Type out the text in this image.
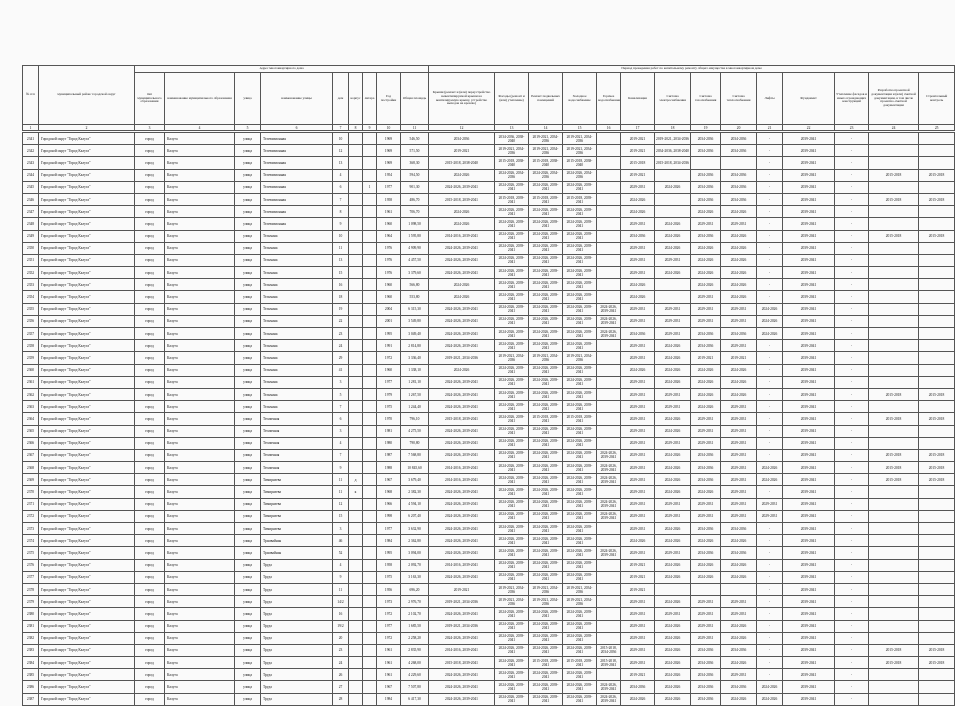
№ п/п	муниципальный район/ городской округ	Адрес многоквартирного дома									Период проведения работ по капитальному ремонту общего имущества в многоквартирном доме													
		тип муниципального образования	наименование муниципального образования	улица	наименование улицы	дом	корпус	литера	Год постройки	Общая площадь	Крыши (ремонт и (или) переустройство невентилируемой крыши на вентилируемую крышу, устройство выходов на кровлю)	Фасады (ремонт и (или) утепление)	Ремонт подвальных помещений	Холодное водоснабжение	Горячее водоснабжение	Канализация	Система электроснабжения	Система газоснабжения	Система теплоснабжения	Лифты	Фундамент	Утепление фасадов и иных ограждающих конструкций	Разработка проектной документации и (или) сметной документации, в том числе проектно-сметной документации	Строительный контроль
1	2	3	4	5	6	7	8	9	10	11	12	13	14	15	16	17	18	19	20	21	22	23	24	25
2341	Городской округ "Город Калуга"	город	Калуга	улица	Телевизионная	10			1969	546,50	2034-2036	2034-2036, 2038-2040	2019-2021, 2034-2036	2019-2021, 2034-2036		2019-2021	2019-2021, 2034-2036	2034-2036	2034-2036	-	2039-2041	-		
2342	Городской округ "Город Калуга"	город	Калуга	улица	Телевизионная	12			1969	571,50	2019-2021	2019-2021, 2034-2036	2019-2021, 2034-2036	2019-2021, 2034-2036		2019-2021	2034-2036, 2038-2040	2034-2036	2034-2036	-	2039-2041	-		
2343	Городской округ "Город Калуга"	город	Калуга	улица	Телевизионная	13			1969	368,30	2015-2018, 2038-2040	2015-2018, 2038-2040	2015-2018, 2038-2040	2015-2018, 2038-2040		2015-2018	2015-2018, 2034-2036			-	2039-2041	-		
2344	Городской округ "Город Калуга"	город	Калуга	улица	Телевизионная	4			1954	594,50	2024-2026	2024-2026, 2034-2036	2024-2026, 2034-2036	2024-2026, 2034-2036		2019-2021		2034-2036	2034-2036	-	2039-2041	-	2015-2018	2015-2018
2345	Городской округ "Город Калуга"	город	Калуга	улица	Телевизионная	6		1	1977	901,30	2024-2026, 2039-2041	2024-2026, 2039-2041	2024-2026, 2039-2041	2024-2026, 2039-2041		2029-2031	2024-2026	2034-2036	2034-2036	-	2039-2041	-		
2346	Городской округ "Город Калуга"	город	Калуга	улица	Телевизионная	7			1958	486,70	2015-2018, 2039-2041	2015-2018, 2039-2041	2015-2018, 2039-2041	2015-2018, 2039-2041		2024-2026		2034-2036	2034-2036	-	2039-2041	-	2015-2018	2015-2018
2347	Городской округ "Город Калуга"	город	Калуга	улица	Телевизионная	8			1961	706,70	2024-2026	2024-2026, 2039-2041	2024-2026, 2039-2041	2024-2026, 2039-2041		2024-2026		2024-2026	2024-2026	-	2039-2041	-		
2348	Городской округ "Город Калуга"	город	Калуга	улица	Телевизионная	9			1960	1 098,50	2024-2026	2024-2026, 2039-2041	2024-2026, 2039-2041	2024-2026, 2039-2041		2029-2031	2024-2026	2029-2031	2029-2031	-	2039-2041	-		
2349	Городской округ "Город Калуга"	город	Калуга	улица	Тельмана	10			1964	1 595,80	2014-2016, 2039-2041	2024-2026, 2039-2041	2024-2026, 2039-2041	2024-2026, 2039-2041		2034-2036	2024-2026	2034-2036	2024-2026	-	2039-2041	-	2015-2018	2015-2018
2350	Городской округ "Город Калуга"	город	Калуга	улица	Тельмана	11			1976	4 909,90	2024-2026, 2039-2041	2024-2026, 2039-2041	2024-2026, 2039-2041	2024-2026, 2039-2041		2029-2031	2024-2026	2024-2026	2024-2026	-	2039-2041	-		
2351	Городской округ "Город Калуга"	город	Калуга	улица	Тельмана	13			1976	4 457,50	2024-2026, 2039-2041	2024-2026, 2039-2041	2024-2026, 2039-2041	2024-2026, 2039-2041		2029-2031	2029-2031	2024-2026	2024-2026	-	2039-2041	-		
2352	Городской округ "Город Калуга"	город	Калуга	улица	Тельмана	15			1976	3 379,60	2024-2026, 2039-2041	2024-2026, 2039-2041	2024-2026, 2039-2041	2024-2026, 2039-2041		2029-2031	2024-2026	2024-2026	2024-2026	-	2039-2041	-		
2353	Городской округ "Город Калуга"	город	Калуга	улица	Тельмана	16			1960	566,80	2024-2026	2024-2026, 2039-2041	2024-2026, 2039-2041	2024-2026, 2039-2041		2024-2026		2024-2026	2024-2026	-	2039-2041	-		
2354	Городской округ "Город Калуга"	город	Калуга	улица	Тельмана	18			1960	553,80	2024-2026	2024-2026, 2039-2041	2024-2026, 2039-2041	2024-2026, 2039-2041		2024-2026		2029-2031	2024-2026	-	2039-2041	-		
2355	Городской округ "Город Калуга"	город	Калуга	улица	Тельмана	19			2004	6 315,30	2024-2026, 2039-2041	2024-2026, 2039-2041	2024-2026, 2039-2041	2024-2026, 2039-2041	2024-2026, 2039-2041	2029-2031	2029-2031	2029-2031	2029-2031	2024-2026	2039-2041	-		
2356	Городской округ "Город Калуга"	город	Калуга	улица	Тельмана	22			2001	3 549,80	2024-2026, 2039-2041	2024-2026, 2039-2041	2024-2026, 2039-2041	2024-2026, 2039-2041	2024-2026, 2039-2041	2029-2031	2029-2031	2029-2031	2029-2031	2024-2026	2039-2041	-		
2357	Городской округ "Город Калуга"	город	Калуга	улица	Тельмана	23			1995	3 049,40	2024-2026, 2039-2041	2024-2026, 2039-2041	2024-2026, 2039-2041	2024-2026, 2039-2041	2024-2026, 2039-2041	2034-2036	2029-2031	2034-2036	2034-2036	2024-2026	2039-2041	-		
2358	Городской округ "Город Калуга"	город	Калуга	улица	Тельмана	24			1991	2 814,80	2024-2026, 2039-2041	2024-2026, 2039-2041	2024-2026, 2039-2041	2024-2026, 2039-2041		2029-2031	2024-2026	2034-2036	2029-2031	-	2039-2041	-		
2359	Городской округ "Город Калуга"	город	Калуга	улица	Тельмана	29			1972	3 336,40	2019-2021, 2034-2036	2019-2021, 2034-2036	2019-2021, 2034-2036	2019-2021, 2034-2036		2029-2031	2024-2026	2019-2021	2019-2021	-	2039-2041	-		
2360	Городской округ "Город Калуга"	город	Калуга	улица	Тельмана	41			1960	1 338,10	2024-2026	2024-2026, 2039-2041	2024-2026, 2039-2041	2024-2026, 2039-2041		2024-2026	2024-2026	2024-2026	2024-2026	-	2039-2041	-		
2361	Городской округ "Город Калуга"	город	Калуга	улица	Тельмана	3			1977	1 281,10	2024-2026, 2039-2041	2024-2026, 2039-2041	2024-2026, 2039-2041	2024-2026, 2039-2041		2029-2031	2024-2026	2024-2026	2024-2026	-	2039-2041	-		
2362	Городской округ "Город Калуга"	город	Калуга	улица	Тельмана	5			1979	1 267,50	2024-2026, 2039-2041	2024-2026, 2039-2041	2024-2026, 2039-2041	2024-2026, 2039-2041		2029-2031	2029-2031	2024-2026	2024-2026	-	2039-2041	-	2015-2018	2015-2018
2363	Городской округ "Город Калуга"	город	Калуга	улица	Тельмана	7			1975	1 244,40	2024-2026, 2039-2041	2024-2026, 2039-2041	2024-2026, 2039-2041	2024-2026, 2039-2041		2029-2031	2029-2031	2024-2026	2029-2031	-	2039-2041	-		
2364	Городской округ "Город Калуга"	город	Калуга	улица	Тепличная	6			1970	796,10	2015-2018, 2039-2041	2024-2026, 2039-2041	2015-2018, 2039-2041	2015-2018, 2039-2041		2029-2031	2024-2026	2029-2031	2029-2031	-	2039-2041	-	2015-2018	2015-2018
2365	Городской округ "Город Калуга"	город	Калуга	улица	Тепличная	3			1981	4 275,50	2024-2026, 2039-2041	2024-2026, 2039-2041	2024-2026, 2039-2041	2024-2026, 2039-2041		2029-2031	2024-2026	2029-2031	2029-2031	-	2039-2041	-		
2366	Городской округ "Город Калуга"	город	Калуга	улица	Тепличная	4			1980	790,80	2024-2026, 2039-2041	2024-2026, 2039-2041	2024-2026, 2039-2041	2024-2026, 2039-2041		2029-2031	2029-2031	2029-2031	2029-2031	-	2039-2041	-		
2367	Городской округ "Город Калуга"	город	Калуга	улица	Тепличная	7			1987	7 568,80	2024-2026, 2039-2041	2024-2026, 2039-2041	2024-2026, 2039-2041	2024-2026, 2039-2041	2024-2026, 2039-2041	2029-2031	2024-2026	2034-2036	2029-2031	-	2039-2041	-	2015-2018	2015-2018
2368	Городской округ "Город Калуга"	город	Калуга	улица	Тепличная	9			1988	10 845,60	2014-2016, 2039-2041	2024-2026, 2039-2041	2024-2026, 2039-2041	2024-2026, 2039-2041	2024-2026, 2039-2041	2029-2031	2024-2026	2034-2036	2029-2031	2024-2026	2039-2041	-	2015-2018	2015-2018
2369	Городской округ "Город Калуга"	город	Калуга	улица	Тимирязева	11	д		1967	3 679,40	2014-2016, 2039-2041	2024-2026, 2039-2041	2024-2026, 2039-2041	2024-2026, 2039-2041	2024-2026, 2039-2041	2029-2031	2024-2026	2034-2036	2029-2031	2024-2026	2039-2041	-	2015-2018	2015-2018
2370	Городской округ "Город Калуга"	город	Калуга	улица	Тимирязева	11	к		1968	2 382,30	2024-2026, 2039-2041	2024-2026, 2039-2041	2024-2026, 2039-2041	2024-2026, 2039-2041		2029-2031	2024-2026	2024-2026	2029-2031	-	2039-2041	-		
2371	Городской округ "Город Калуга"	город	Калуга	улица	Тимирязева	12			1966	4 594,10	2024-2026, 2039-2041	2024-2026, 2039-2041	2024-2026, 2039-2041	2024-2026, 2039-2041	2024-2026, 2039-2041	2029-2031	2029-2031	2029-2031	2029-2031	2029-2031	2039-2041	-		
2372	Городской округ "Город Калуга"	город	Калуга	улица	Тимирязева	15			1998	6 207,40	2024-2026, 2039-2041	2024-2026, 2039-2041	2024-2026, 2039-2041	2024-2026, 2039-2041	2024-2026, 2039-2041	2029-2031	2029-2031	2029-2031	2029-2031	2029-2031	2039-2041	-		
2373	Городской округ "Город Калуга"	город	Калуга	улица	Тимирязева	3			1977	3 632,90	2024-2026, 2039-2041	2024-2026, 2039-2041	2024-2026, 2039-2041	2024-2026, 2039-2041		2029-2031	2024-2026	2034-2036	2034-2036	-	2039-2041	-		
2374	Городской округ "Город Калуга"	город	Калуга	улица	Трамвайная	46			1984	2 362,80	2024-2026, 2039-2041	2024-2026, 2039-2041	2024-2026, 2039-2041	2024-2026, 2039-2041		2024-2026	2024-2026	2024-2026	2024-2026	-	2039-2041	-		
2375	Городской округ "Город Калуга"	город	Калуга	улица	Трамвайная	52			1995	3 094,00	2024-2026, 2039-2041	2024-2026, 2039-2041	2024-2026, 2039-2041	2024-2026, 2039-2041	2024-2026, 2039-2041	2029-2031	2029-2031	2034-2036	2034-2036	-	2039-2041	-		
2376	Городской округ "Город Калуга"	город	Калуга	улица	Труда	4			1958	2 092,70	2014-2016, 2039-2041	2024-2026, 2039-2041	2024-2026, 2039-2041	2024-2026, 2039-2041		2019-2021	2024-2026	2024-2026	2024-2026	-	2039-2041	-		
2377	Городской округ "Город Калуга"	город	Калуга	улица	Труда	9			1975	3 163,30	2024-2026, 2039-2041	2024-2026, 2039-2041	2024-2026, 2039-2041	2024-2026, 2039-2041		2019-2021	2024-2026	2024-2026	2024-2026	-	2039-2041	-		
2378	Городской округ "Город Калуга"	город	Калуга	улица	Труда	11			1956	696,20	2019-2021	2019-2021, 2034-2036	2019-2021, 2034-2036	2019-2021, 2034-2036		2019-2021				-	2039-2041	-		
2379	Городской округ "Город Калуга"	город	Калуга	улица	Труда	14/2			1973	2 976,70	2019-2021, 2034-2036	2019-2021, 2034-2036	2019-2021, 2034-2036	2019-2021, 2034-2036		2029-2031	2024-2026	2029-2031	2029-2031	-	2039-2041	-		
2380	Городской округ "Город Калуга"	город	Калуга	улица	Труда	16			1972	2 102,70	2024-2026, 2039-2041	2024-2026, 2039-2041	2024-2026, 2039-2041	2024-2026, 2039-2041		2029-2031	2029-2031	2029-2031	2029-2031	-	2039-2041	-		
2381	Городской округ "Город Калуга"	город	Калуга	улица	Труда	19/2			1977	1 685,50	2019-2021, 2034-2036	2024-2026, 2039-2041	2024-2026, 2039-2041	2024-2026, 2039-2041		2029-2031	2024-2026	2029-2031	2024-2026	-	2039-2041	-		
2382	Городской округ "Город Калуга"	город	Калуга	улица	Труда	20			1972	2 258,20	2024-2026, 2039-2041	2024-2026, 2039-2041	2024-2026, 2039-2041	2024-2026, 2039-2041		2029-2031	2024-2026	2029-2031	2024-2026	-	2039-2041	-		
2383	Городской округ "Город Калуга"	город	Калуга	улица	Труда	23			1961	2 835,90	2014-2016, 2039-2041	2024-2026, 2039-2041	2024-2026, 2039-2041	2024-2026, 2039-2041	2015-2018, 2034-2036	2029-2031	2024-2026	2034-2036	2034-2036	-	2039-2041	-	2015-2018	2015-2018
2384	Городской округ "Город Калуга"	город	Калуга	улица	Труда	24			1961	4 268,00	2015-2018, 2039-2041	2024-2026, 2039-2041	2015-2018, 2039-2041	2015-2018, 2039-2041	2015-2018, 2039-2041	2029-2031	2024-2026	2034-2036	2024-2026	-	2039-2041	-	2015-2018	2015-2018
2385	Городской округ "Город Калуга"	город	Калуга	улица	Труда	26			1961	4 229,60	2024-2026, 2039-2041	2024-2026, 2039-2041	2024-2026, 2039-2041	2024-2026, 2039-2041		2019-2021	2024-2026	2034-2036	2029-2031	-	2039-2041	-		
2386	Городской округ "Город Калуга"	город	Калуга	улица	Труда	27			1967	7 507,80	2024-2026, 2039-2041	2024-2026, 2039-2041	2024-2026, 2039-2041	2024-2026, 2039-2041	2024-2026, 2039-2041	2034-2036	2024-2026	2034-2036	2034-2036	2024-2026	2039-2041	-		
2387	Городской округ "Город Калуга"	город	Калуга	улица	Труда	28			1984	6 417,30	2024-2026, 2039-2041	2024-2026, 2039-2041	2024-2026, 2039-2041	2024-2026, 2039-2041	2024-2026, 2039-2041	2024-2026	2024-2026	2034-2036	2024-2026	2024-2026	2039-2041	-		
